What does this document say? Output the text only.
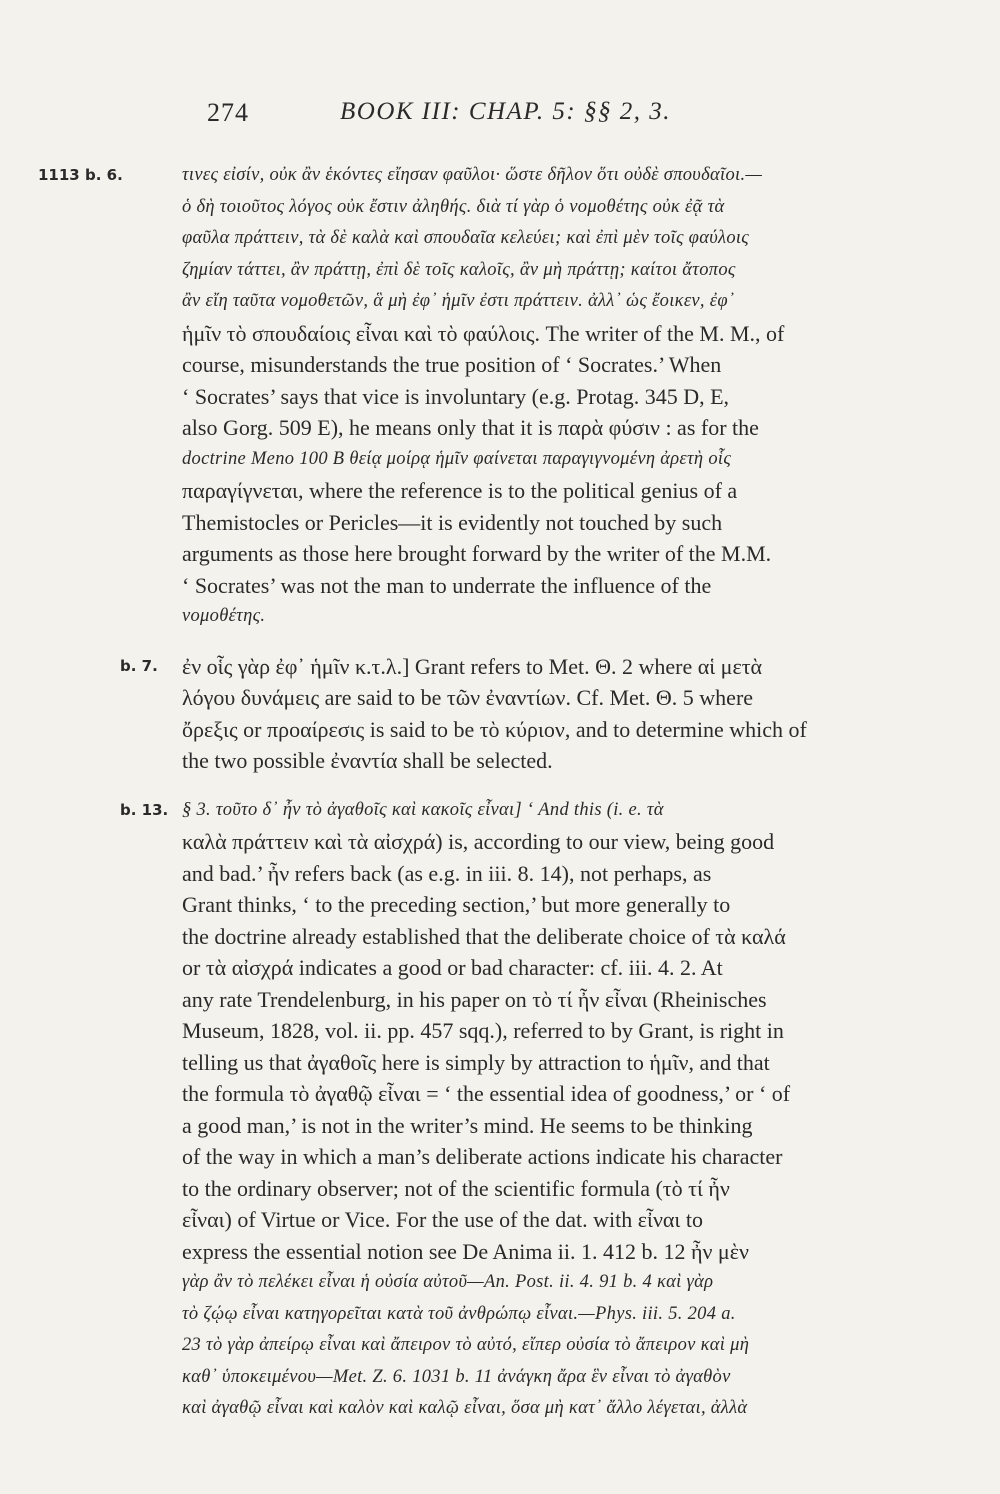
274	BOOK III: CHAP. 5: §§ 2, 3.
1113 b. 6.	τινες εἰσίν, οὐκ ἂν ἑκόντες εἴησαν φαῦλοι· ὥστε δῆλον ὅτι οὐδὲ σπουδαῖοι.—
ὁ δὴ τοιοῦτος λόγος οὐκ ἔστιν ἀληθής. διὰ τί γὰρ ὁ νομοθέτης οὐκ ἐᾷ τὰ
φαῦλα πράττειν, τὰ δὲ καλὰ καὶ σπουδαῖα κελεύει; καὶ ἐπὶ μὲν τοῖς φαύλοις
ζημίαν τάττει, ἂν πράττῃ, ἐπὶ δὲ τοῖς καλοῖς, ἂν μὴ πράττῃ; καίτοι ἄτοπος
ἂν εἴη ταῦτα νομοθετῶν, ἃ μὴ ἐφ᾽ ἡμῖν ἐστι πράττειν. ἀλλ᾽ ὡς ἔοικεν, ἐφ᾽
ἡμῖν τὸ σπουδαίοις εἶναι καὶ τὸ φαύλοις. The writer of the M. M., of
course, misunderstands the true position of ‘ Socrates.’ When
‘ Socrates’ says that vice is involuntary (e.g. Protag. 345 D, E,
also Gorg. 509 E), he means only that it is παρὰ φύσιν : as for the
doctrine Meno 100 B θείᾳ μοίρᾳ ἡμῖν φαίνεται παραγιγνομένη ἀρετὴ οἷς
παραγίγνεται, where the reference is to the political genius of a
Themistocles or Pericles—it is evidently not touched by such
arguments as those here brought forward by the writer of the M.M.
‘ Socrates’ was not the man to underrate the influence of the
νομοθέτης.
b. 7. ἐν οἷς γὰρ ἐφ᾽ ἡμῖν κ.τ.λ.] Grant refers to Met. Θ. 2 where αἱ μετὰ
λόγου δυνάμεις are said to be τῶν ἐναντίων. Cf. Met. Θ. 5 where
ὄρεξις or προαίρεσις is said to be τὸ κύριον, and to determine which of
the two possible ἐναντία shall be selected.
b. 13. § 3. τοῦτο δ᾽ ἦν τὸ ἀγαθοῖς καὶ κακοῖς εἶναι] ‘ And this (i. e. τὰ
καλὰ πράττειν καὶ τὰ αἰσχρά) is, according to our view, being good
and bad.’ ἦν refers back (as e.g. in iii. 8. 14), not perhaps, as
Grant thinks, ‘ to the preceding section,’ but more generally to
the doctrine already established that the deliberate choice of τὰ καλά
or τὰ αἰσχρά indicates a good or bad character: cf. iii. 4. 2. At
any rate Trendelenburg, in his paper on τὸ τί ἦν εἶναι (Rheinisches
Museum, 1828, vol. ii. pp. 457 sqq.), referred to by Grant, is right in
telling us that ἀγαθοῖς here is simply by attraction to ἡμῖν, and that
the formula τὸ ἀγαθῷ εἶναι = ‘ the essential idea of goodness,’ or ‘ of
a good man,’ is not in the writer’s mind. He seems to be thinking
of the way in which a man’s deliberate actions indicate his character
to the ordinary observer; not of the scientific formula (τὸ τί ἦν
εἶναι) of Virtue or Vice. For the use of the dat. with εἶναι to
express the essential notion see De Anima ii. 1. 412 b. 12 ἦν μὲν
γὰρ ἂν τὸ πελέκει εἶναι ἡ οὐσία αὐτοῦ—An. Post. ii. 4. 91 b. 4 καὶ γὰρ
τὸ ζῴῳ εἶναι κατηγορεῖται κατὰ τοῦ ἀνθρώπῳ εἶναι.—Phys. iii. 5. 204 a.
23 τὸ γὰρ ἀπείρῳ εἶναι καὶ ἄπειρον τὸ αὐτό, εἴπερ οὐσία τὸ ἄπειρον καὶ μὴ
καθ᾽ ὑποκειμένου—Met. Z. 6. 1031 b. 11 ἀνάγκη ἄρα ἓν εἶναι τὸ ἀγαθὸν
καὶ ἀγαθῷ εἶναι καὶ καλὸν καὶ καλῷ εἶναι, ὅσα μὴ κατ᾽ ἄλλο λέγεται, ἀλλὰ
